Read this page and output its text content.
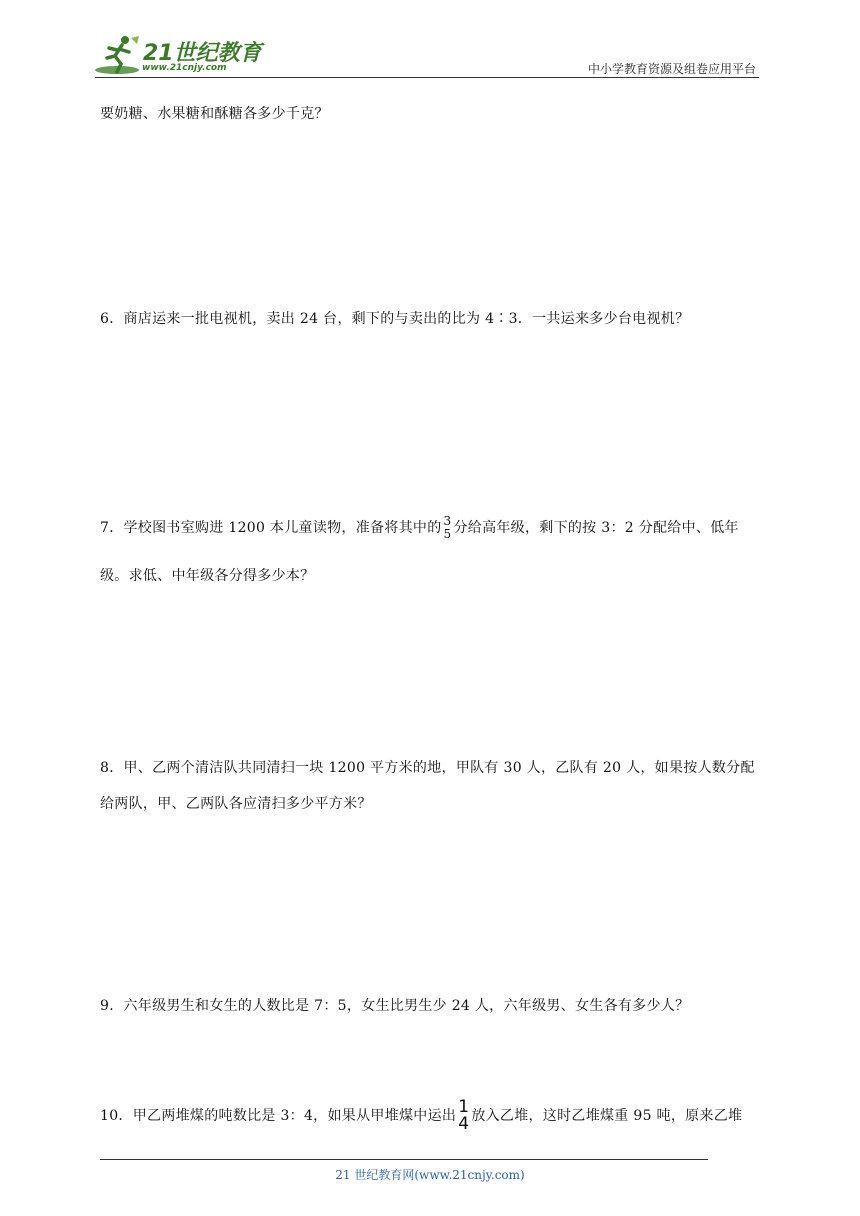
21世纪教育
www.21cnjy.com	中小学教育资源及组卷应用平台
要奶糖、水果糖和酥糖各多少千克？
6．商店运来一批电视机，卖出 24 台，剩下的与卖出的比为 4∶3．一共运来多少台电视机？
7．学校图书室购进 1200 本儿童读物，准备将其中的 3
5 分给高年级，剩下的按 3：2 分配给中、低年
级。求低、中年级各分得多少本？
8．甲、乙两个清洁队共同清扫一块 1200 平方米的地，甲队有 30 人，乙队有 20 人，如果按人数分配
给两队，甲、乙两队各应清扫多少平方米？
9．六年级男生和女生的人数比是 7：5，女生比男生少 24 人，六年级男、女生各有多少人？
10．甲乙两堆煤的吨数比是 3：4，如果从甲堆煤中运出 1
4 放入乙堆，这时乙堆煤重 95 吨，原来乙堆
21 世纪教育网(www.21cnjy.com)
